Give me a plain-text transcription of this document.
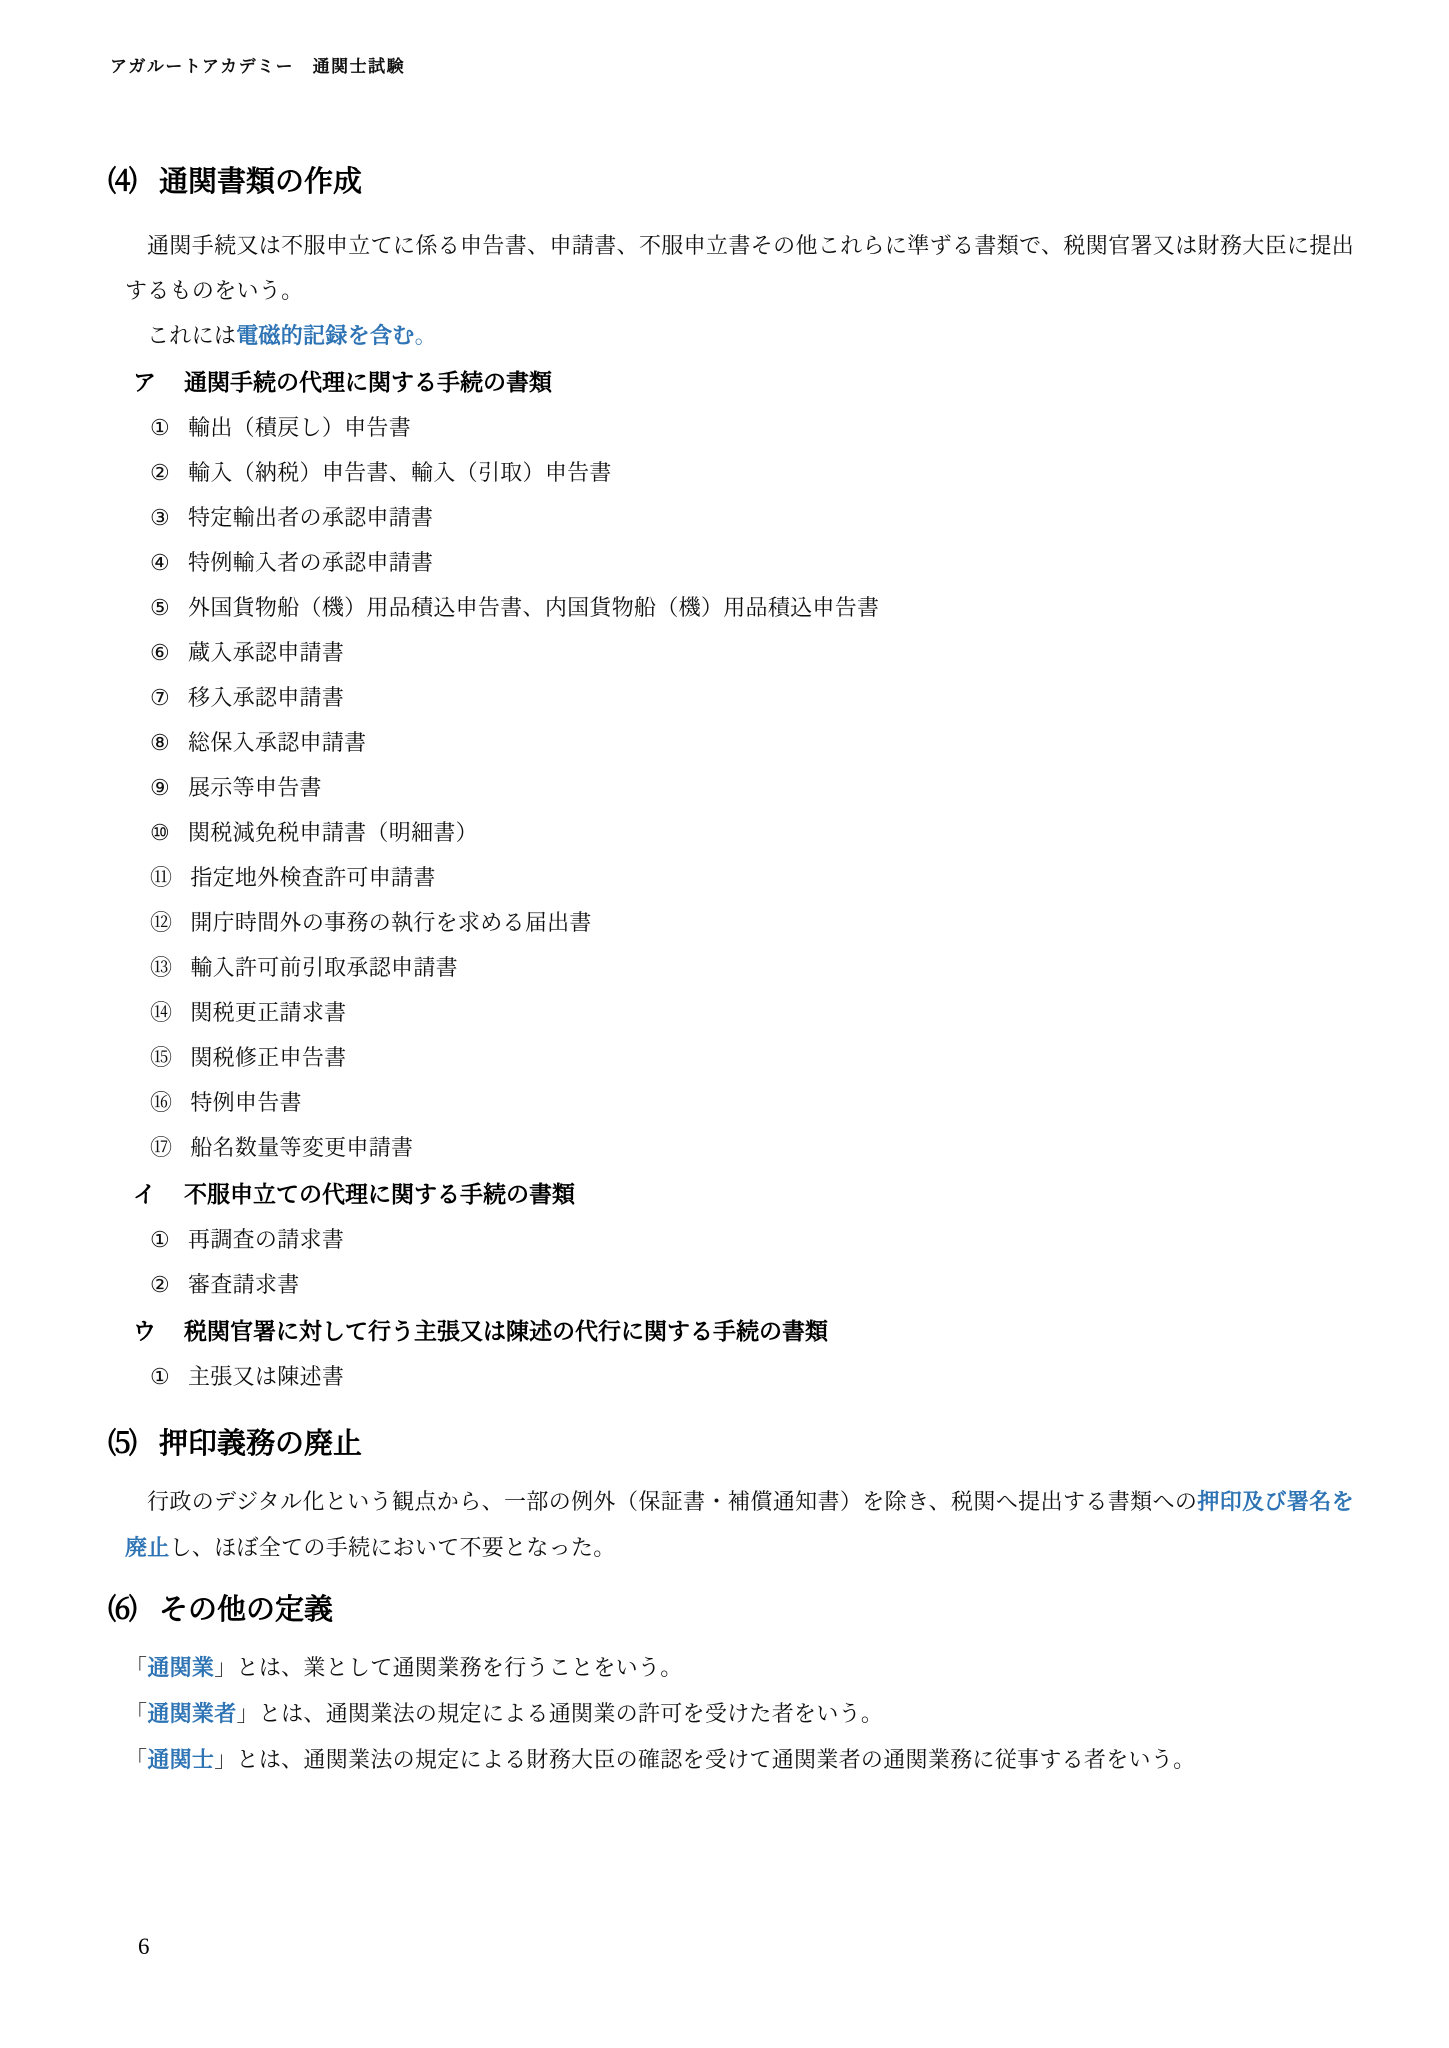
アガルートアカデミー　通関士試験
⑷ 通関書類の作成

通関手続又は不服申立てに係る申告書、申請書、不服申立書その他これらに準ずる書類で、税関官署又は財務大臣に提出するものをいう。

これには電磁的記録を含む。

ア 通関手続の代理に関する手続の書類
① 輸出（積戻し）申告書
② 輸入（納税）申告書、輸入（引取）申告書
③ 特定輸出者の承認申請書
④ 特例輸入者の承認申請書
⑤ 外国貨物船（機）用品積込申告書、内国貨物船（機）用品積込申告書
⑥ 蔵入承認申請書
⑦ 移入承認申請書
⑧ 総保入承認申請書
⑨ 展示等申告書
⑩ 関税減免税申請書（明細書）
⑪ 指定地外検査許可申請書
⑫ 開庁時間外の事務の執行を求める届出書
⑬ 輸入許可前引取承認申請書
⑭ 関税更正請求書
⑮ 関税修正申告書
⑯ 特例申告書
⑰ 船名数量等変更申請書
イ 不服申立ての代理に関する手続の書類
① 再調査の請求書
② 審査請求書
ウ 税関官署に対して行う主張又は陳述の代行に関する手続の書類
① 主張又は陳述書
⑸ 押印義務の廃止

行政のデジタル化という観点から、一部の例外（保証書・補償通知書）を除き、税関へ提出する書類への押印及び署名を廃止し、ほぼ全ての手続において不要となった。

⑹ その他の定義

「通関業」とは、業として通関業務を行うことをいう。

「通関業者」とは、通関業法の規定による通関業の許可を受けた者をいう。

「通関士」とは、通関業法の規定による財務大臣の確認を受けて通関業者の通関業務に従事する者をいう。

6
